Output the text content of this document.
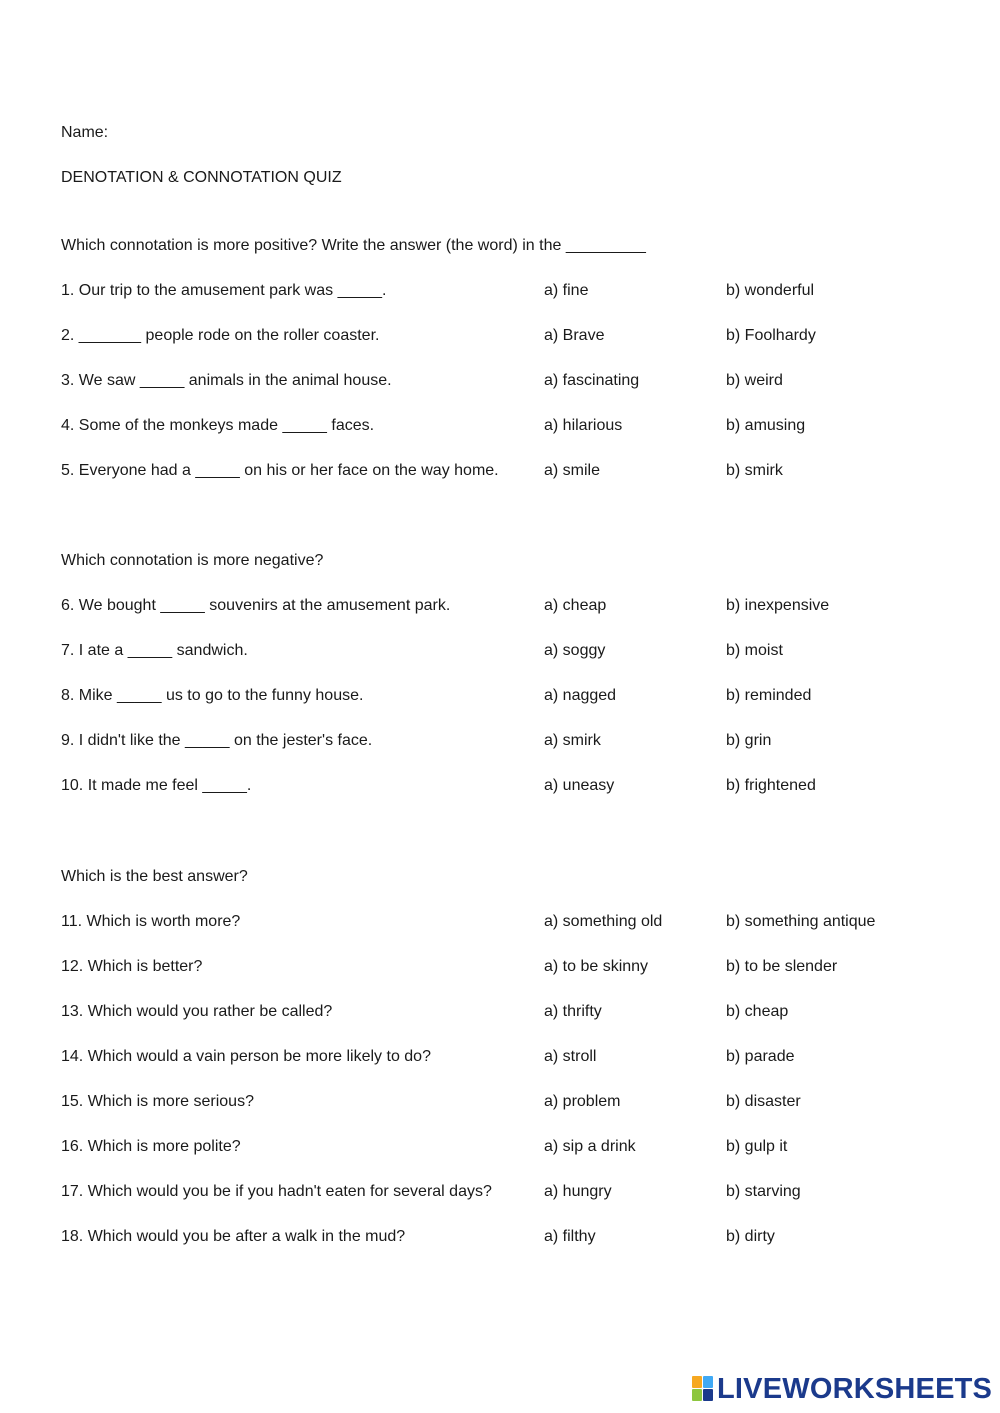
Name:
DENOTATION & CONNOTATION QUIZ
Which connotation is more positive? Write the answer (the word) in the _________
1. Our trip to the amusement park was _____.	a) fine	b) wonderful
2. _______ people rode on the roller coaster.	a) Brave	b) Foolhardy
3. We saw _____ animals in the animal house.	a) fascinating	b) weird
4. Some of the monkeys made _____ faces.	a) hilarious	b) amusing
5. Everyone had a _____ on his or her face on the way home.	a) smile	b) smirk
Which connotation is more negative?
6. We bought _____ souvenirs at the amusement park.	a) cheap	b) inexpensive
7. I ate a _____ sandwich.	a) soggy	b) moist
8. Mike _____ us to go to the funny house.	a) nagged	b) reminded
9. I didn't like the _____ on the jester's face.	a) smirk	b) grin
10. It made me feel _____.	a) uneasy	b) frightened
Which is the best answer?
11. Which is worth more?	a) something old	b) something antique
12. Which is better?	a) to be skinny	b) to be slender
13. Which would you rather be called?	a) thrifty	b) cheap
14. Which would a vain person be more likely to do?	a) stroll	b) parade
15. Which is more serious?	a) problem	b) disaster
16. Which is more polite?	a) sip a drink	b) gulp it
17. Which would you be if you hadn't eaten for several days?	a) hungry	b) starving
18. Which would you be after a walk in the mud?	a) filthy	b) dirty
LIVEWORKSHEETS
